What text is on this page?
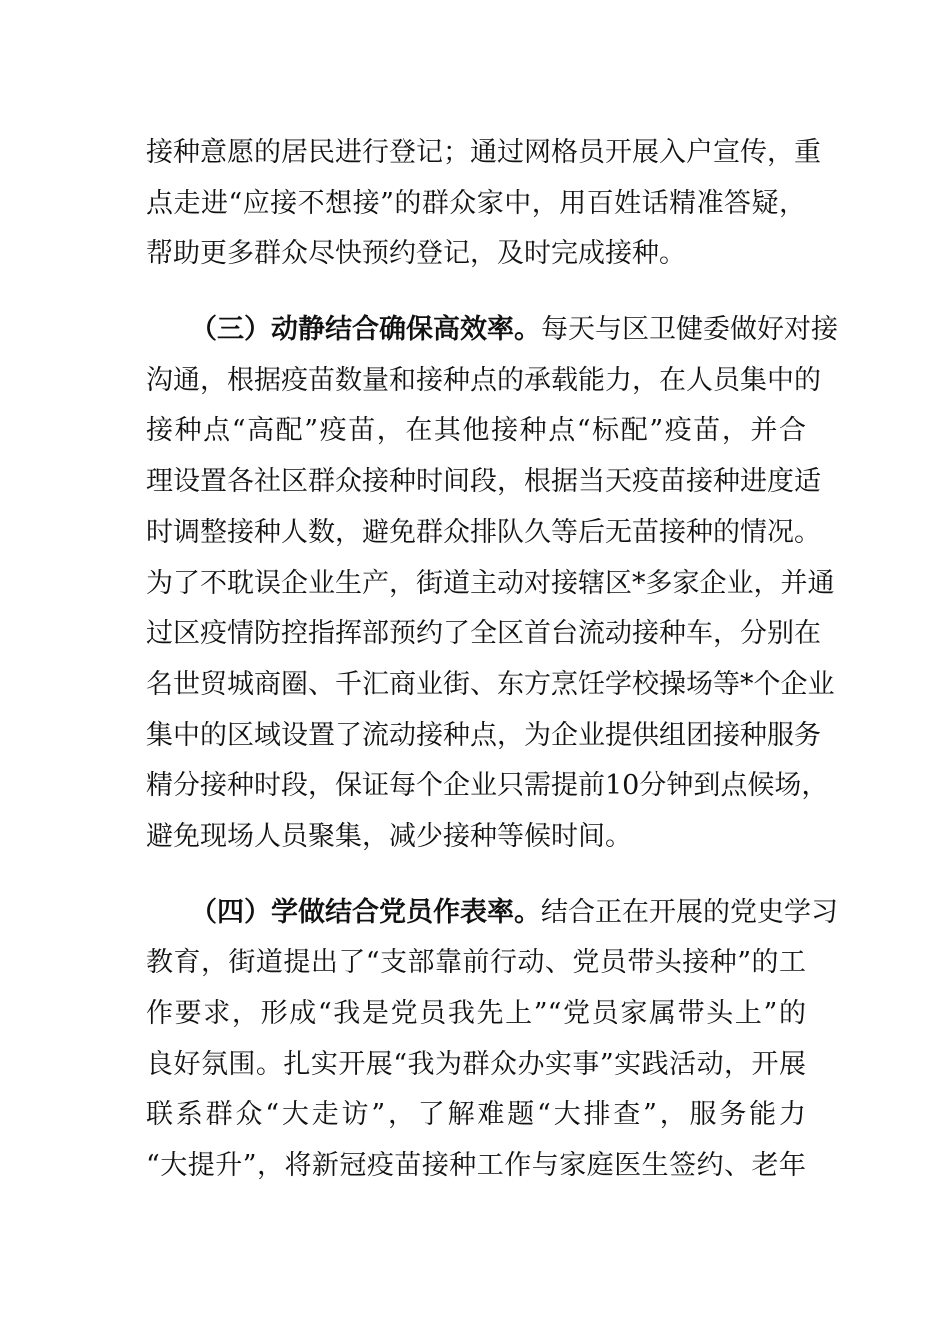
接种意愿的居民进行登记；通过网格员开展入户宣传，重
点走进“应接不想接”的群众家中，用百姓话精准答疑，
帮助更多群众尽快预约登记，及时完成接种。
（三）动静结合确保高效率。每天与区卫健委做好对接
沟通，根据疫苗数量和接种点的承载能力，在人员集中的
接种点“高配”疫苗，在其他接种点“标配”疫苗，并合
理设置各社区群众接种时间段，根据当天疫苗接种进度适
时调整接种人数，避免群众排队久等后无苗接种的情况。
为了不耽误企业生产，街道主动对接辖区*多家企业，并通
过区疫情防控指挥部预约了全区首台流动接种车，分别在
名世贸城商圈、千汇商业街、东方烹饪学校操场等*个企业
集中的区域设置了流动接种点，为企业提供组团接种服务
精分接种时段，保证每个企业只需提前10分钟到点候场，
避免现场人员聚集，减少接种等候时间。
（四）学做结合党员作表率。结合正在开展的党史学习
教育，街道提出了“支部靠前行动、党员带头接种”的工
作要求，形成“我是党员我先上”“党员家属带头上”的
良好氛围。扎实开展“我为群众办实事”实践活动，开展
联系群众“大走访”，了解难题“大排查”，服务能力
“大提升”，将新冠疫苗接种工作与家庭医生签约、老年
